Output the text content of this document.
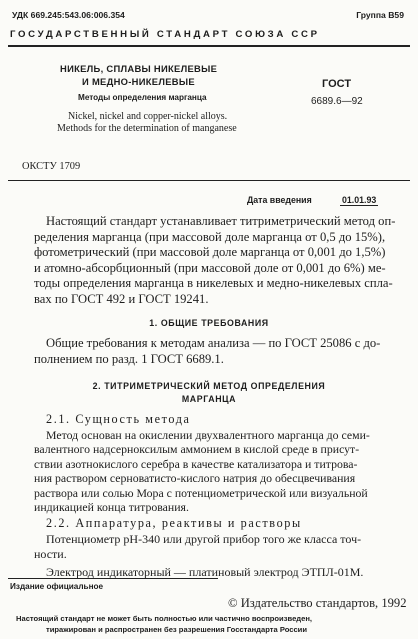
УДК 669.245:543.06:006.354	Группа В59
ГОСУДАРСТВЕННЫЙ СТАНДАРТ СОЮЗА ССР
НИКЕЛЬ, СПЛАВЫ НИКЕЛЕВЫЕ
И МЕДНО-НИКЕЛЕВЫЕ
Методы определения марганца
Nickel, nickel and copper-nickel alloys.
Methods for the determination of manganese
ГОСТ
6689.6—92
ОКСТУ 1709
Дата введения	01.01.93
Настоящий стандарт устанавливает титриметрический метод оп-
ределения марганца (при массовой доле марганца от 0,5 до 15%),
фотометрический (при массовой доле марганца от 0,001 до 1,5%)
и атомно-абсорбционный (при массовой доле от 0,001 до 6%) ме-
тоды определения марганца в никелевых и медно-никелевых спла-
вах по ГОСТ 492 и ГОСТ 19241.
1. ОБЩИЕ ТРЕБОВАНИЯ
Общие требования к методам анализа — по ГОСТ 25086 с до-
полнением по разд. 1 ГОСТ 6689.1.
2. ТИТРИМЕТРИЧЕСКИЙ МЕТОД ОПРЕДЕЛЕНИЯ
МАРГАНЦА
2.1. Сущность метода
Метод основан на окислении двухвалентного марганца до семи-
валентного надсерноксилым аммонием в кислой среде в присут-
ствии азотнокислого серебра в качестве катализатора и титрова-
ния раствором серноватисто-кислого натрия до обесцвечивания
раствора или солью Мора с потенциометрической или визуальной
индикацией конца титрования.
2.2. Аппаратура, реактивы и растворы
Потенциометр рН-340 или другой прибор того же класса точ-
ности.
Электрод индикаторный — платиновый электрод ЭТПЛ-01М.
Издание официальное
© Издательство стандартов, 1992
Настоящий стандарт не может быть полностью или частично воспроизведен,
тиражирован и распространен без разрешения Госстандарта России
